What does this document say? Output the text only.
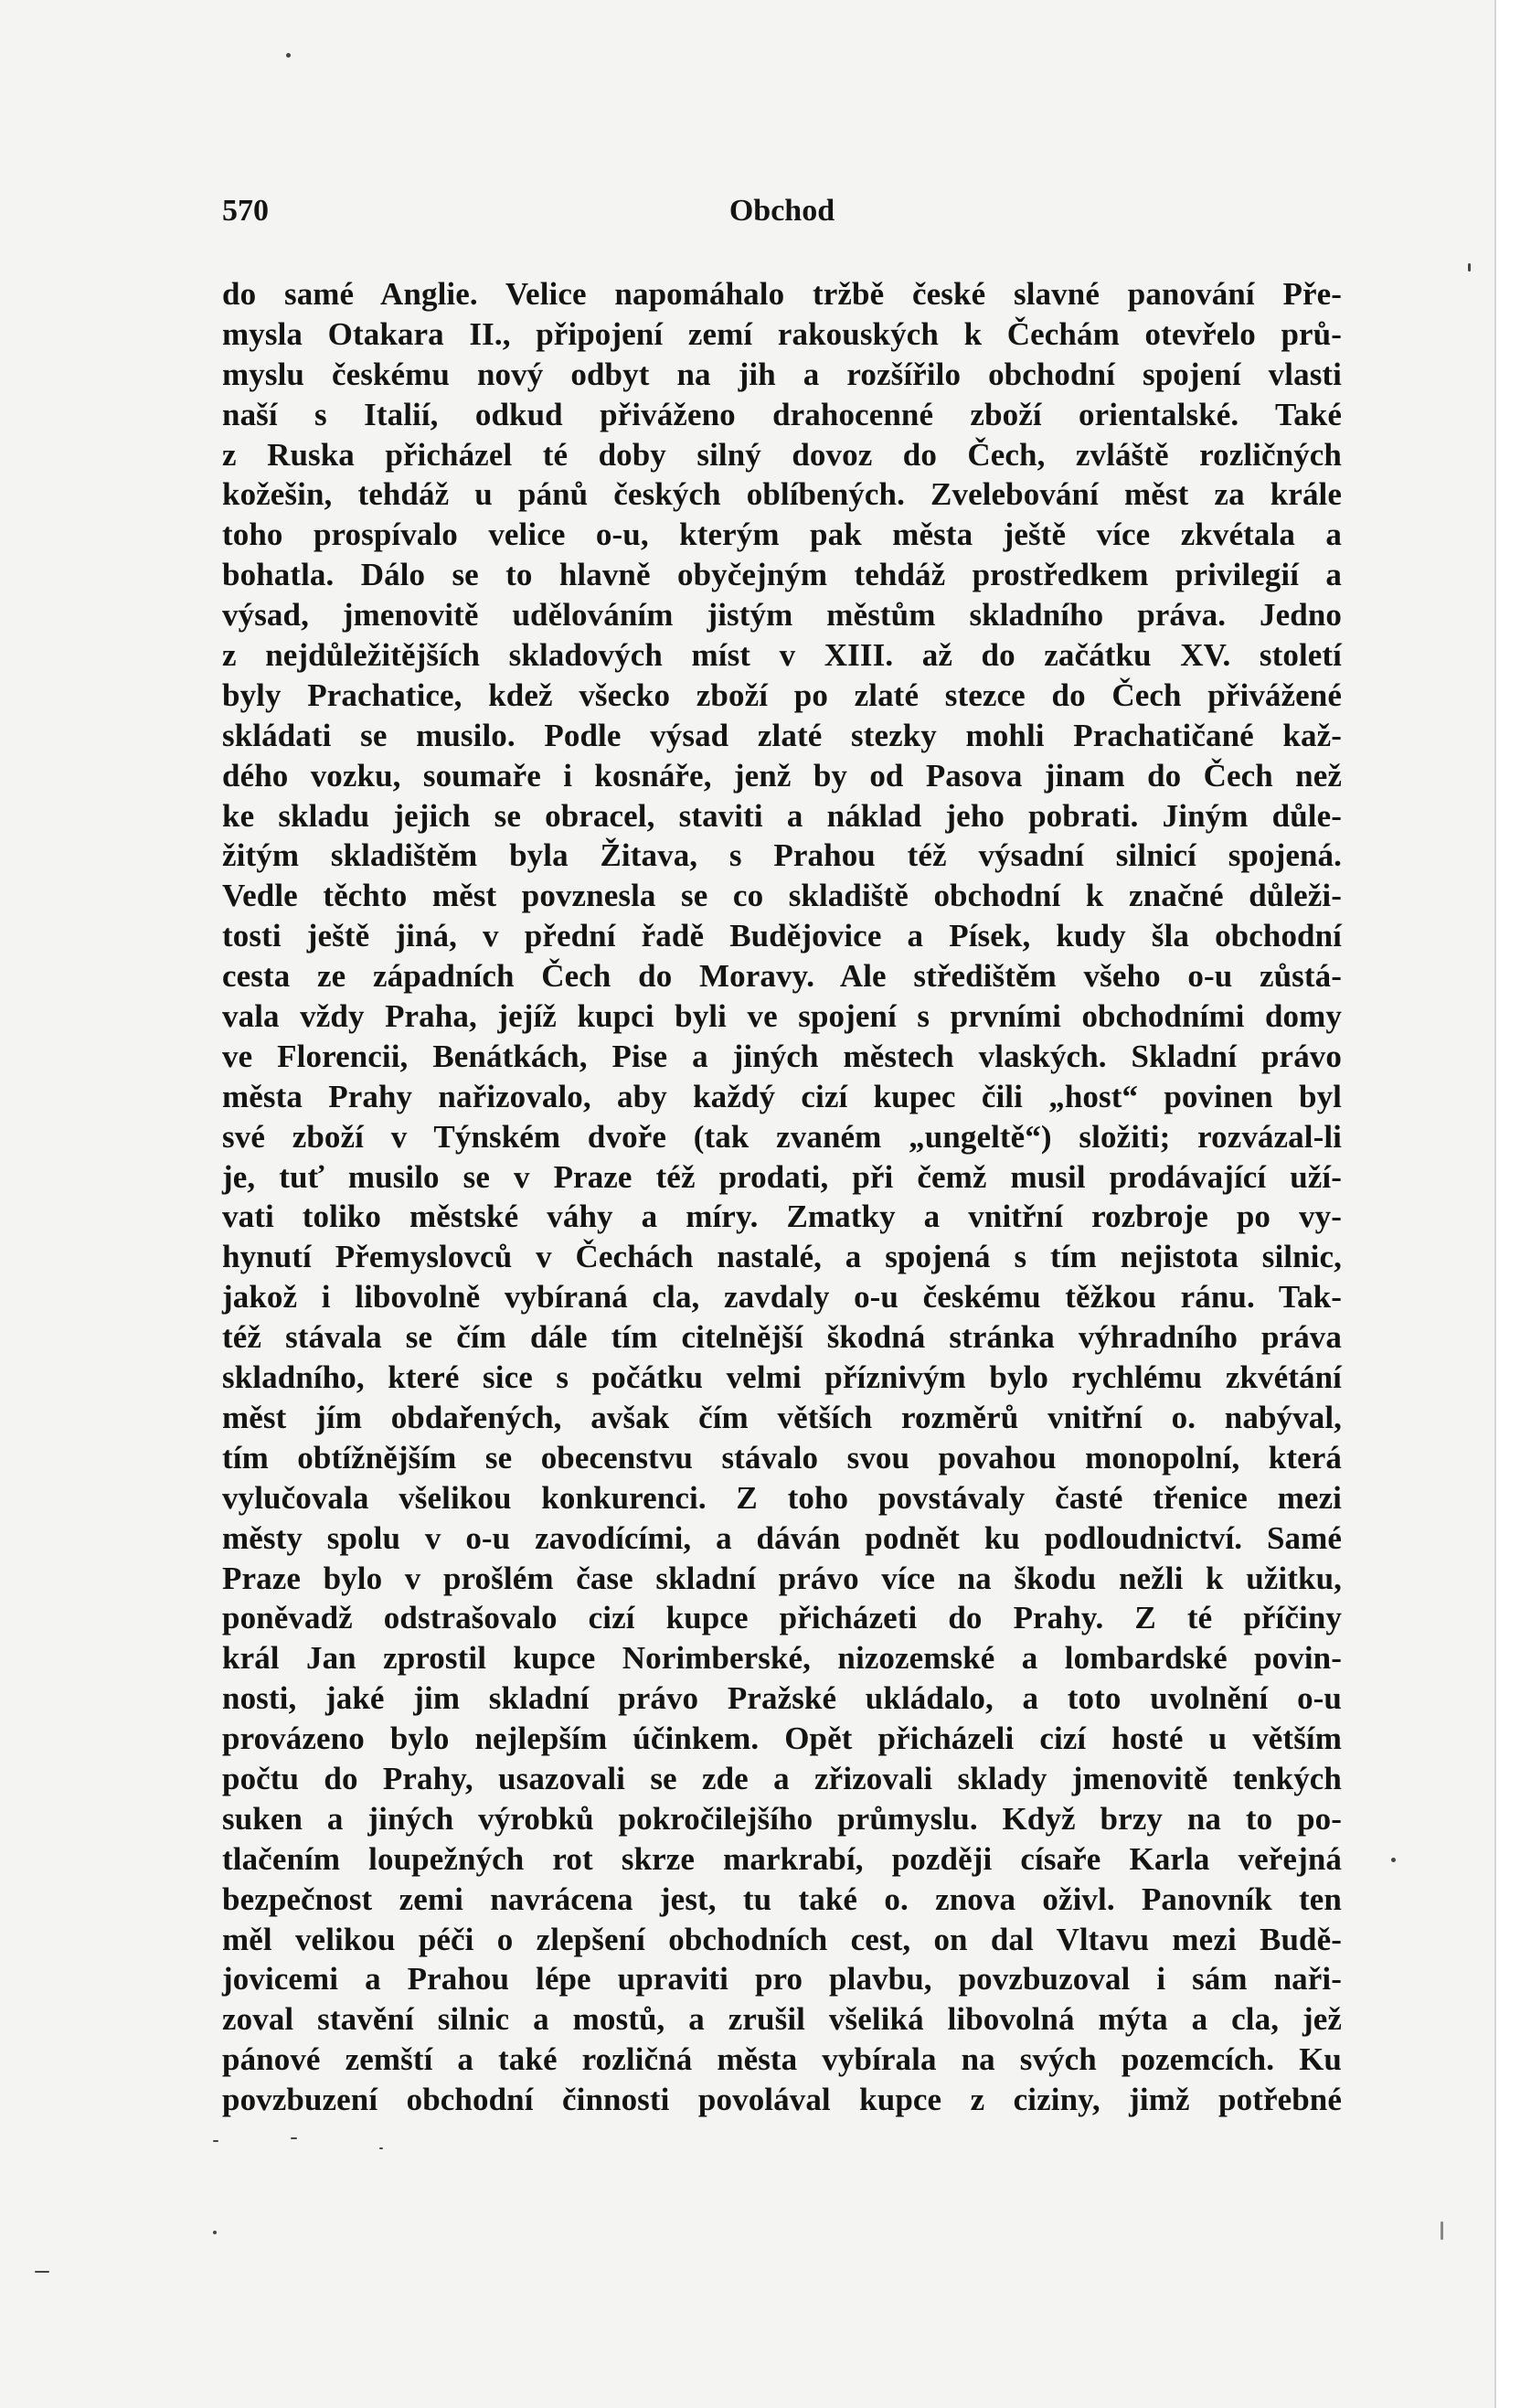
570	Obchod
do samé Anglie. Velice napomáhalo tržbě české slavné panování Pře-
mysla Otakara II., připojení zemí rakouských k Čechám otevřelo prů-
myslu českému nový odbyt na jih a rozšířilo obchodní spojení vlasti
naší s Italií, odkud přiváženo drahocenné zboží orientalské. Také
z Ruska přicházel té doby silný dovoz do Čech, zvláště rozličných
kožešin, tehdáž u pánů českých oblíbených. Zvelebování měst za krále
toho prospívalo velice o-u, kterým pak města ještě více zkvétala a
bohatla. Dálo se to hlavně obyčejným tehdáž prostředkem privilegií a
výsad, jmenovitě udělováním jistým městům skladního práva. Jedno
z nejdůležitějších skladových míst v XIII. až do začátku XV. století
byly Prachatice, kdež všecko zboží po zlaté stezce do Čech přivážené
skládati se musilo. Podle výsad zlaté stezky mohli Prachatičané kaž-
dého vozku, soumaře i kosnáře, jenž by od Pasova jinam do Čech než
ke skladu jejich se obracel, staviti a náklad jeho pobrati. Jiným důle-
žitým skladištěm byla Žitava, s Prahou též výsadní silnicí spojená.
Vedle těchto měst povznesla se co skladiště obchodní k značné důleži-
tosti ještě jiná, v přední řadě Budějovice a Písek, kudy šla obchodní
cesta ze západních Čech do Moravy. Ale středištěm všeho o-u zůstá-
vala vždy Praha, jejíž kupci byli ve spojení s prvními obchodními domy
ve Florencii, Benátkách, Pise a jiných městech vlaských. Skladní právo
města Prahy nařizovalo, aby každý cizí kupec čili „host“ povinen byl
své zboží v Týnském dvoře (tak zvaném „ungeltě“) složiti; rozvázal-li
je, tuť musilo se v Praze též prodati, při čemž musil prodávající uží-
vati toliko městské váhy a míry. Zmatky a vnitřní rozbroje po vy-
hynutí Přemyslovců v Čechách nastalé, a spojená s tím nejistota silnic,
jakož i libovolně vybíraná cla, zavdaly o-u českému těžkou ránu. Tak-
též stávala se čím dále tím citelnější škodná stránka výhradního práva
skladního, které sice s počátku velmi příznivým bylo rychlému zkvétání
měst jím obdařených, avšak čím větších rozměrů vnitřní o. nabýval,
tím obtížnějším se obecenstvu stávalo svou povahou monopolní, která
vylučovala všelikou konkurenci. Z toho povstávaly časté třenice mezi
městy spolu v o-u zavodícími, a dáván podnět ku podloudnictví. Samé
Praze bylo v prošlém čase skladní právo více na škodu nežli k užitku,
poněvadž odstrašovalo cizí kupce přicházeti do Prahy. Z té příčiny
král Jan zprostil kupce Norimberské, nizozemské a lombardské povin-
nosti, jaké jim skladní právo Pražské ukládalo, a toto uvolnění o-u
provázeno bylo nejlepším účinkem. Opět přicházeli cizí hosté u větším
počtu do Prahy, usazovali se zde a zřizovali sklady jmenovitě tenkých
suken a jiných výrobků pokročilejšího průmyslu. Když brzy na to po-
tlačením loupežných rot skrze markrabí, později císaře Karla veřejná
bezpečnost zemi navrácena jest, tu také o. znova oživl. Panovník ten
měl velikou péči o zlepšení obchodních cest, on dal Vltavu mezi Budě-
jovicemi a Prahou lépe upraviti pro plavbu, povzbuzoval i sám naři-
zoval stavění silnic a mostů, a zrušil všeliká libovolná mýta a cla, jež
pánové zemští a také rozličná města vybírala na svých pozemcích. Ku
povzbuzení obchodní činnosti povolával kupce z ciziny, jimž potřebné
